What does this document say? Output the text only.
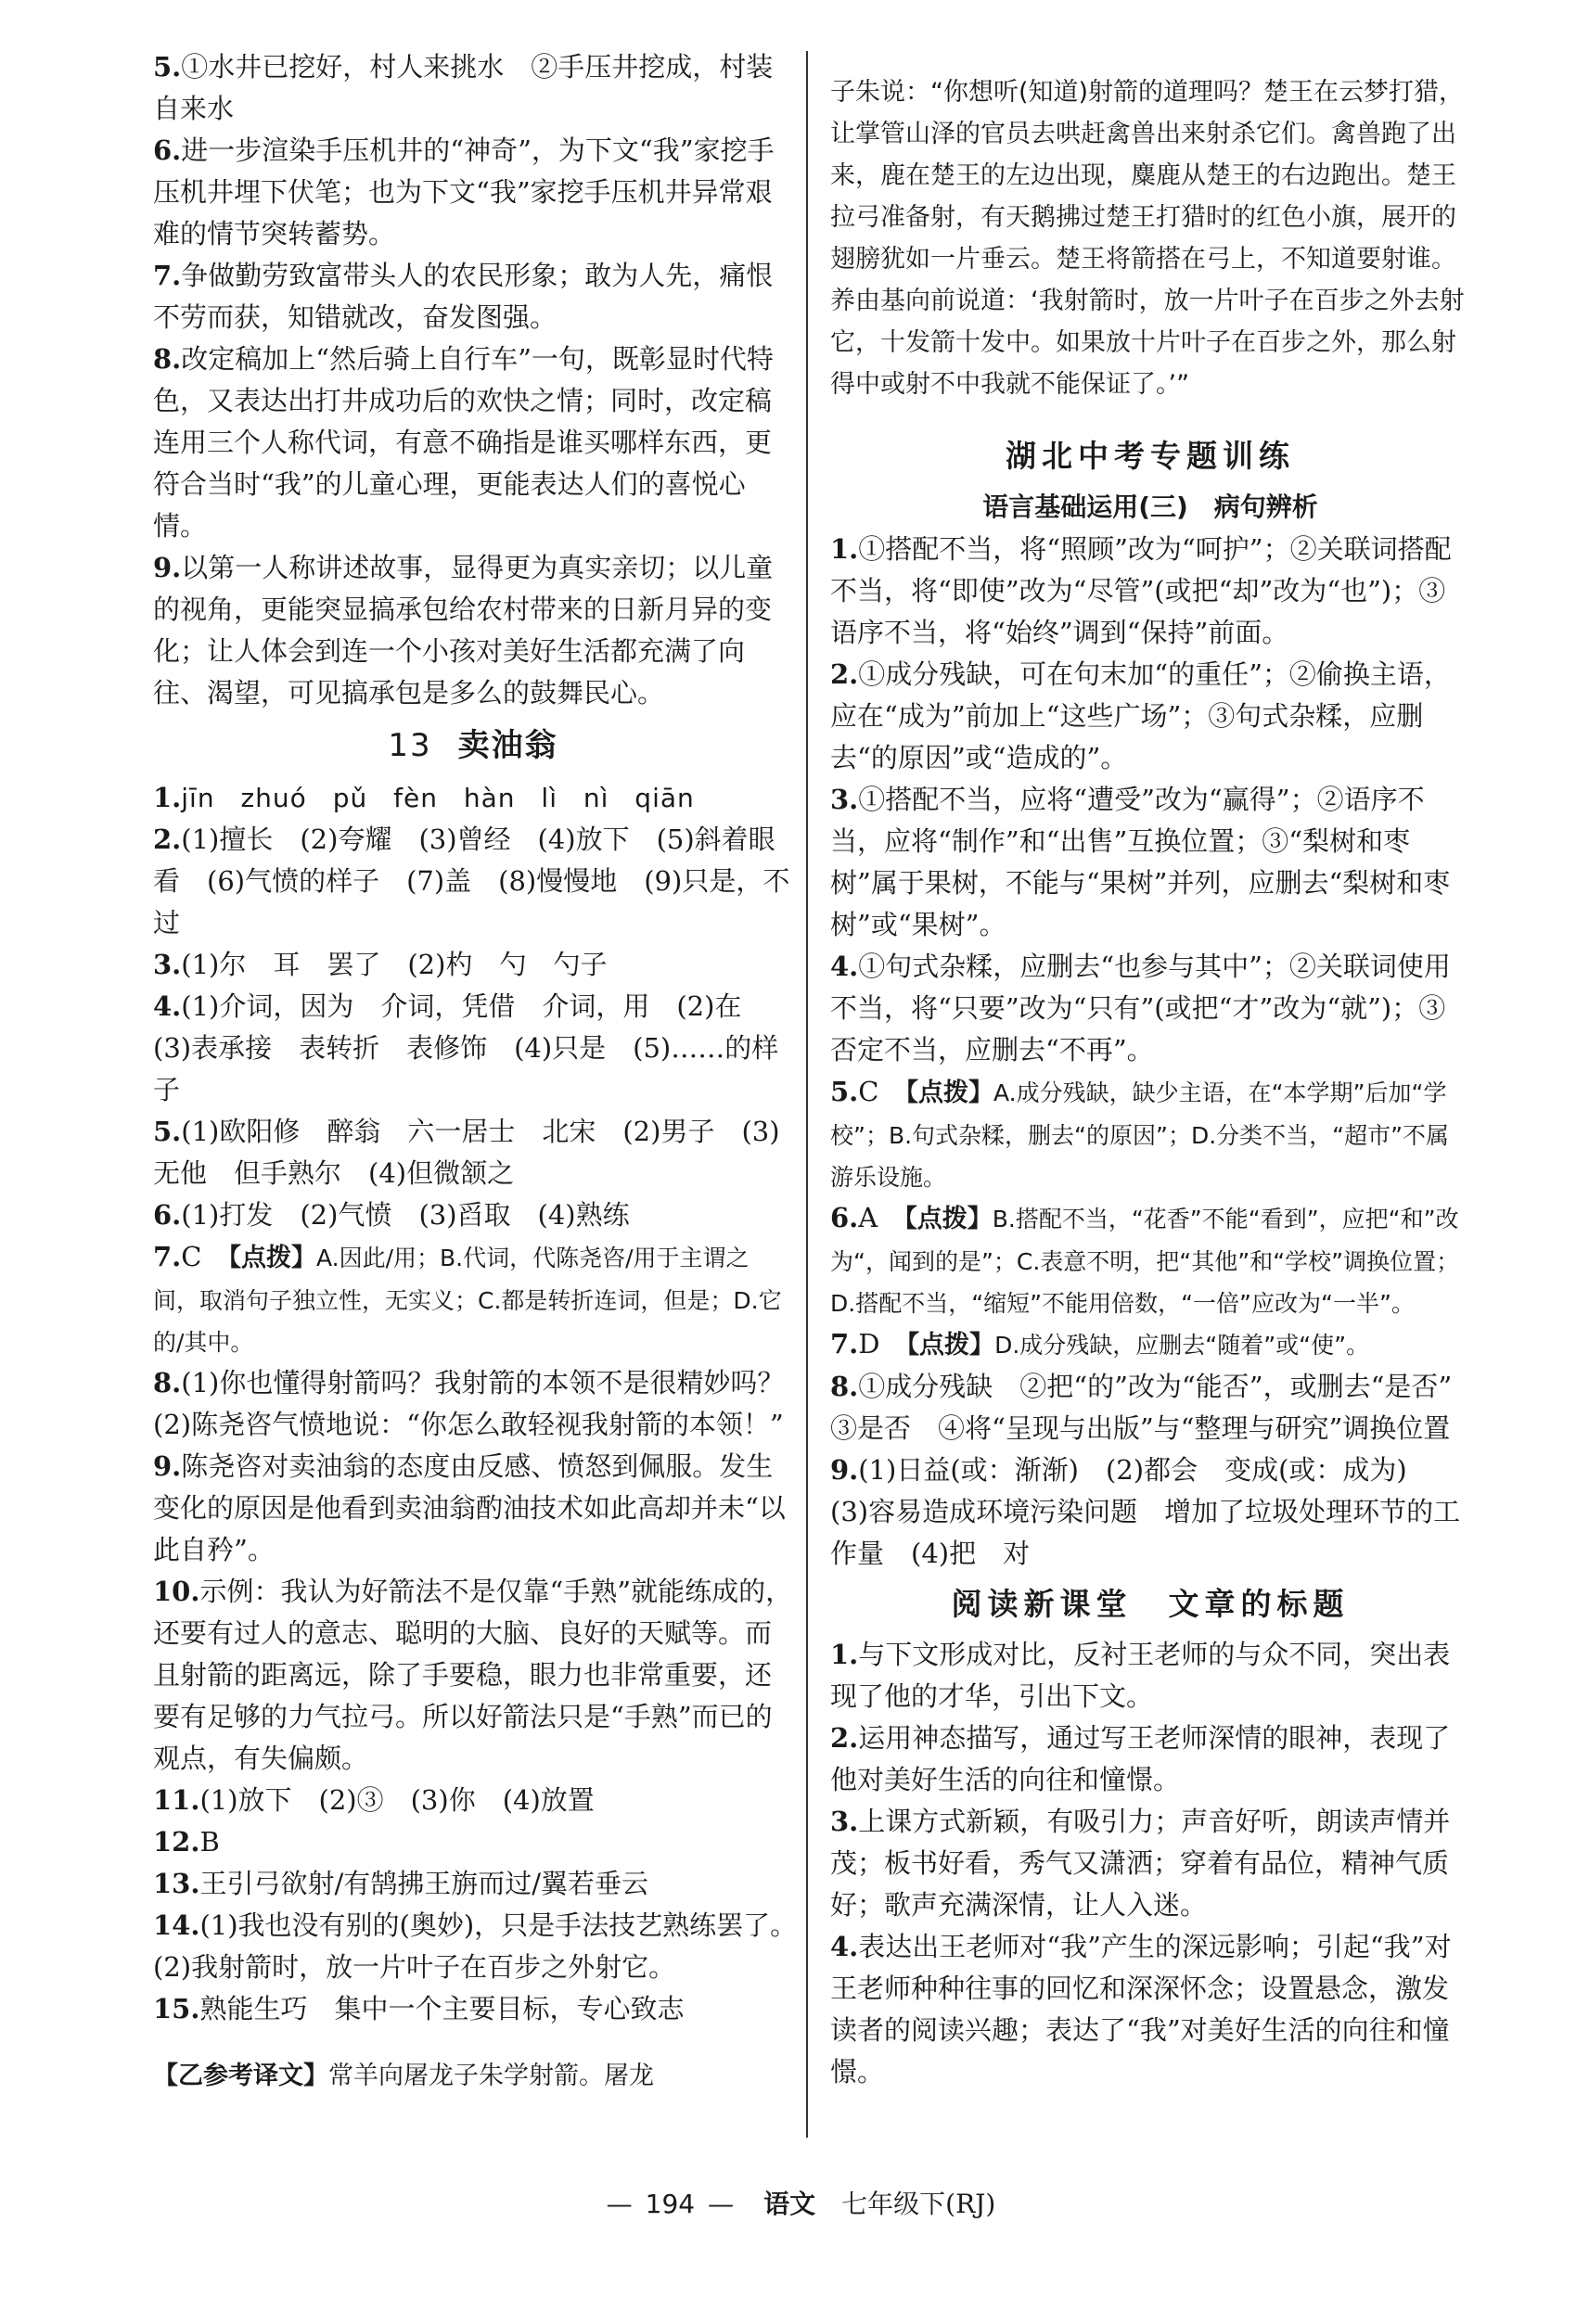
5.①水井已挖好，村人来挑水　②手压井挖成，村装自来水

6.进一步渲染手压机井的“神奇”，为下文“我”家挖手压机井埋下伏笔；也为下文“我”家挖手压机井异常艰难的情节突转蓄势。

7.争做勤劳致富带头人的农民形象；敢为人先，痛恨不劳而获，知错就改，奋发图强。

8.改定稿加上“然后骑上自行车”一句，既彰显时代特色，又表达出打井成功后的欢快之情；同时，改定稿连用三个人称代词，有意不确指是谁买哪样东西，更符合当时“我”的儿童心理，更能表达人们的喜悦心情。

9.以第一人称讲述故事，显得更为真实亲切；以儿童的视角，更能突显搞承包给农村带来的日新月异的变化；让人体会到连一个小孩对美好生活都充满了向往、渴望，可见搞承包是多么的鼓舞民心。

13 卖油翁

1.jīn zhuó pǔ fèn hàn lì nì qiān

2.(1)擅长　(2)夸耀　(3)曾经　(4)放下　(5)斜着眼看　(6)气愤的样子　(7)盖　(8)慢慢地　(9)只是，不过

3.(1)尔　耳　罢了　(2)杓　勺　勺子

4.(1)介词，因为　介词，凭借　介词，用　(2)在　(3)表承接　表转折　表修饰　(4)只是　(5)……的样子

5.(1)欧阳修　醉翁　六一居士　北宋　(2)男子　(3)无他　但手熟尔　(4)但微颔之

6.(1)打发　(2)气愤　(3)舀取　(4)熟练

7.C　 【点拨】A.因此/用；B.代词，代陈尧咨/用于主谓之间，取消句子独立性，无实义；C.都是转折连词，但是；D.它的/其中。

8.(1)你也懂得射箭吗？我射箭的本领不是很精妙吗？　(2)陈尧咨气愤地说：“你怎么敢轻视我射箭的本领！”

9.陈尧咨对卖油翁的态度由反感、愤怒到佩服。发生变化的原因是他看到卖油翁酌油技术如此高却并未“以此自矜”。

10.示例：我认为好箭法不是仅靠“手熟”就能练成的，还要有过人的意志、聪明的大脑、良好的天赋等。而且射箭的距离远，除了手要稳，眼力也非常重要，还要有足够的力气拉弓。所以好箭法只是“手熟”而已的观点，有失偏颇。

11.(1)放下　(2)③　(3)你　(4)放置

12.B

13.王引弓欲射/有鹄拂王旃而过/翼若垂云

14.(1)我也没有别的(奥妙)，只是手法技艺熟练罢了。　(2)我射箭时，放一片叶子在百步之外射它。

15.熟能生巧　集中一个主要目标，专心致志

【乙参考译文】常羊向屠龙子朱学射箭。屠龙

子朱说：“你想听(知道)射箭的道理吗？楚王在云梦打猎，让掌管山泽的官员去哄赶禽兽出来射杀它们。禽兽跑了出来，鹿在楚王的左边出现，麋鹿从楚王的右边跑出。楚王拉弓准备射，有天鹅拂过楚王打猎时的红色小旗，展开的翅膀犹如一片垂云。楚王将箭搭在弓上，不知道要射谁。养由基向前说道：‘我射箭时，放一片叶子在百步之外去射它，十发箭十发中。如果放十片叶子在百步之外，那么射得中或射不中我就不能保证了。’”

湖北中考专题训练
语言基础运用(三)　病句辨析

1.①搭配不当，将“照顾”改为“呵护”；②关联词搭配不当，将“即使”改为“尽管”(或把“却”改为“也”)；③语序不当，将“始终”调到“保持”前面。

2.①成分残缺，可在句末加“的重任”；②偷换主语，应在“成为”前加上“这些广场”；③句式杂糅，应删去“的原因”或“造成的”。

3.①搭配不当，应将“遭受”改为“赢得”；②语序不当，应将“制作”和“出售”互换位置；③“梨树和枣树”属于果树，不能与“果树”并列，应删去“梨树和枣树”或“果树”。

4.①句式杂糅，应删去“也参与其中”；②关联词使用不当，将“只要”改为“只有”(或把“才”改为“就”)；③否定不当，应删去“不再”。

5.C　 【点拨】A.成分残缺，缺少主语，在“本学期”后加“学校”；B.句式杂糅，删去“的原因”；D.分类不当，“超市”不属游乐设施。

6.A　 【点拨】B.搭配不当，“花香”不能“看到”，应把“和”改为“，闻到的是”；C.表意不明，把“其他”和“学校”调换位置；D.搭配不当，“缩短”不能用倍数，“一倍”应改为“一半”。

7.D　 【点拨】D.成分残缺，应删去“随着”或“使”。

8.①成分残缺　②把“的”改为“能否”，或删去“是否”　③是否　④将“呈现与出版”与“整理与研究”调换位置

9.(1)日益(或：渐渐)　(2)都会　变成(或：成为)　(3)容易造成环境污染问题　增加了垃圾处理环节的工作量　(4)把　对

阅读新课堂　文章的标题

1.与下文形成对比，反衬王老师的与众不同，突出表现了他的才华，引出下文。

2.运用神态描写，通过写王老师深情的眼神，表现了他对美好生活的向往和憧憬。

3.上课方式新颖，有吸引力；声音好听，朗读声情并茂；板书好看，秀气又潇洒；穿着有品位，精神气质好；歌声充满深情，让人入迷。

4.表达出王老师对“我”产生的深远影响；引起“我”对王老师种种往事的回忆和深深怀念；设置悬念，激发读者的阅读兴趣；表达了“我”对美好生活的向往和憧憬。

— 194 — 语文　 七年级下(RJ)
